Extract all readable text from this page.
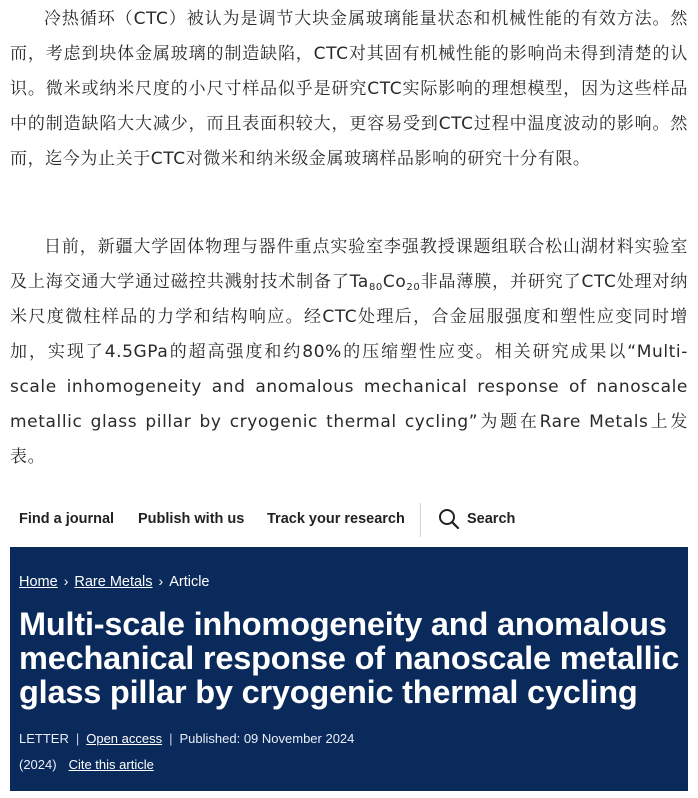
冷热循环（CTC）被认为是调节大块金属玻璃能量状态和机械性能的有效方法。然而，考虑到块体金属玻璃的制造缺陷，CTC对其固有机械性能的影响尚未得到清楚的认识。微米或纳米尺度的小尺寸样品似乎是研究CTC实际影响的理想模型，因为这些样品中的制造缺陷大大减少，而且表面积较大，更容易受到CTC过程中温度波动的影响。然而，迄今为止关于CTC对微米和纳米级金属玻璃样品影响的研究十分有限。

日前，新疆大学固体物理与器件重点实验室李强教授课题组联合松山湖材料实验室及上海交通大学通过磁控共溅射技术制备了$Ta_{80}Co_{20}$非晶薄膜，并研究了CTC处理对纳米尺度微柱样品的力学和结构响应。经CTC处理后，合金屈服强度和塑性应变同时增加，实现了4.5GPa的超高强度和约80%的压缩塑性应变。相关研究成果以“Multi-scale inhomogeneity and anomalous mechanical response of nanoscale metallic glass pillar by cryogenic thermal cycling”为题在Rare Metals上发表。

Find a journal Publish with us Track your research	Search
Home › Rare Metals › Article
Multi-scale inhomogeneity and anomalous mechanical response of nanoscale metallic glass pillar by cryogenic thermal cycling
LETTER | Open access | Published: 09 November 2024
(2024) Cite this article
